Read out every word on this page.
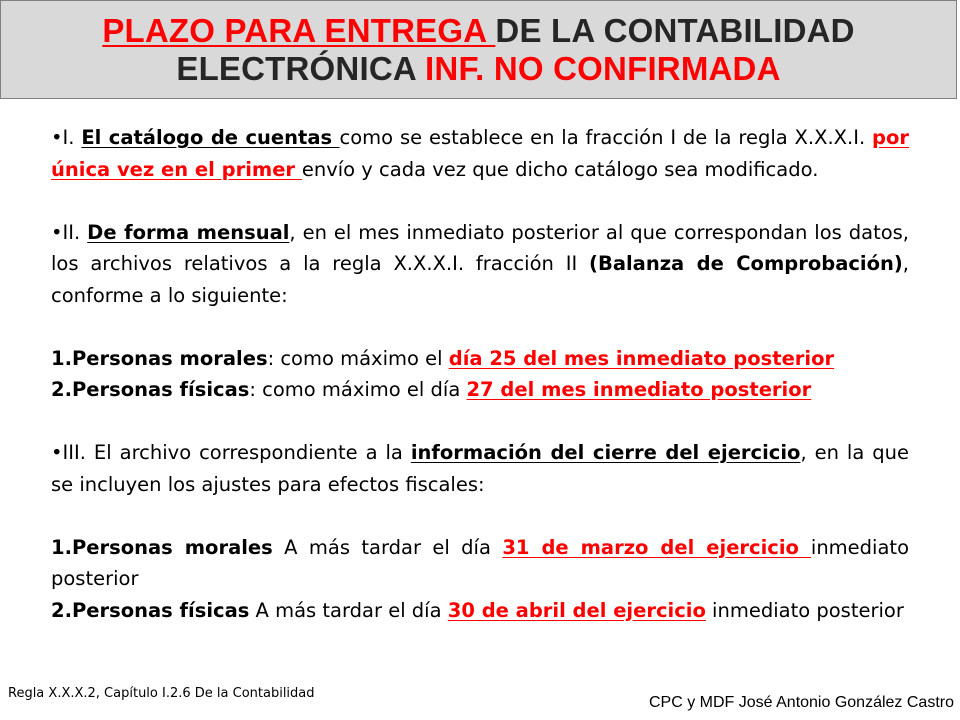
PLAZO PARA ENTREGA DE LA CONTABILIDAD
ELECTRÓNICA INF. NO CONFIRMADA

•I. El catálogo de cuentas como se establece en la fracción I de la regla X.X.X.I. por única vez en el primer envío y cada vez que dicho catálogo sea modificado.

•II. De forma mensual, en el mes inmediato posterior al que correspondan los datos, los archivos relativos a la regla X.X.X.I. fracción II (Balanza de Comprobación), conforme a lo siguiente:

1.Personas morales: como máximo el día 25 del mes inmediato posterior

2.Personas físicas: como máximo el día 27 del mes inmediato posterior

•III. El archivo correspondiente a la información del cierre del ejercicio, en la que se incluyen los ajustes para efectos fiscales:

1.Personas morales A más tardar el día 31 de marzo del ejercicio inmediato posterior

2.Personas físicas A más tardar el día 30 de abril del ejercicio inmediato posterior

Regla X.X.X.2, Capítulo I.2.6 De la Contabilidad
CPC y MDF José Antonio González Castro
